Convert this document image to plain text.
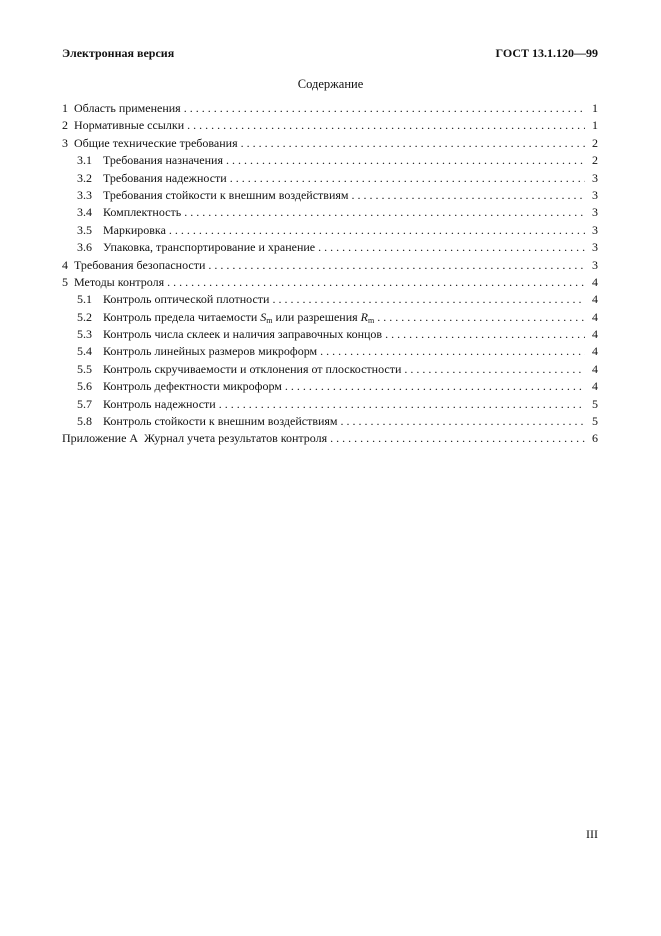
Электронная версия	ГОСТ 13.1.120—99
Содержание
1 Область применения . . .	1
2 Нормативные ссылки . . .	1
3 Общие технические требования . . .	2
3.1 Требования назначения . . .	2
3.2 Требования надежности . . .	3
3.3 Требования стойкости к внешним воздействиям . . .	3
3.4 Комплектность . . .	3
3.5 Маркировка . . .	3
3.6 Упаковка, транспортирование и хранение . . .	3
4 Требования безопасности . . .	3
5 Методы контроля . . .	4
5.1 Контроль оптической плотности . . .	4
5.2 Контроль предела читаемости $S_m$ или разрешения $R_m$ . . .	4
5.3 Контроль числа склеек и наличия заправочных концов . . .	4
5.4 Контроль линейных размеров микроформ . . .	4
5.5 Контроль скручиваемости и отклонения от плоскостности . . .	4
5.6 Контроль дефектности микроформ . . .	4
5.7 Контроль надежности . . .	5
5.8 Контроль стойкости к внешним воздействиям . . .	5
Приложение А  Журнал учета результатов контроля . . .	6
III
